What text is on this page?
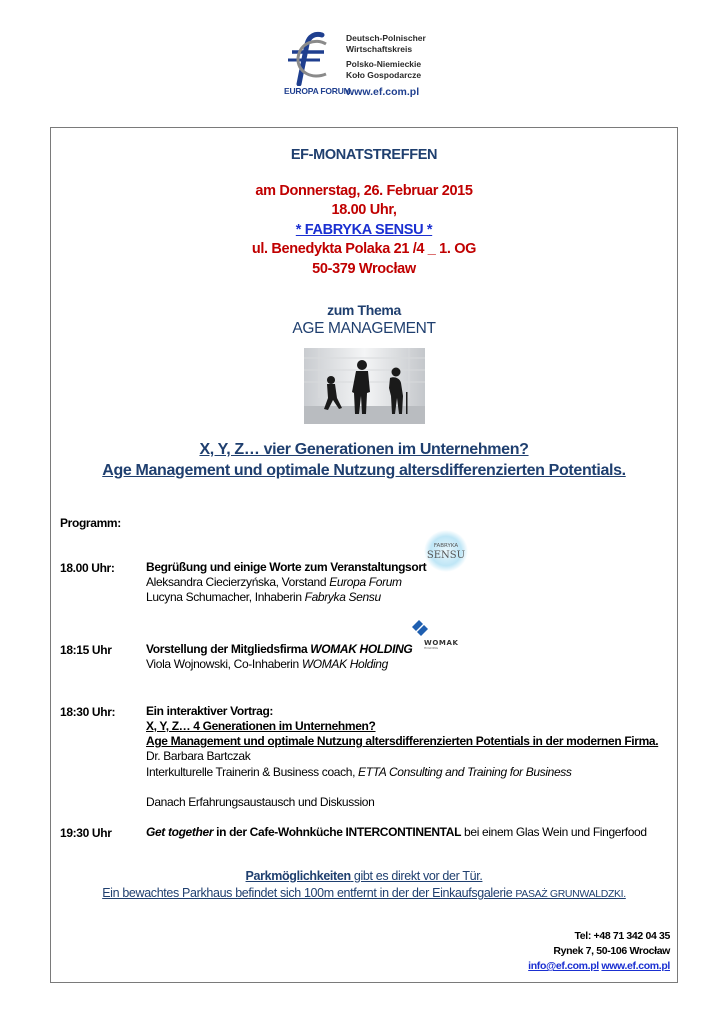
EUROPA FORUM
Deutsch-Polnischer
Wirtschaftskreis
Polsko-Niemieckie
Koło Gospodarcze
www.ef.com.pl
EF-MONATSTREFFEN
am Donnerstag, 26. Februar 2015
18.00 Uhr,
* FABRYKA SENSU *
ul. Benedykta Polaka 21 /4 _ 1. OG
50-379 Wrocław
zum Thema
AGE MANAGEMENT
X, Y, Z… vier Generationen im Unternehmen?
Age Management und optimale Nutzung altersdifferenzierten Potentials.
Programm:
18.00 Uhr:	Begrüßung und einige Worte zum Veranstaltungsort
Aleksandra Ciecierzyńska, Vorstand Europa Forum
Lucyna Schumacher, Inhaberin Fabryka Sensu
FABRYKA
SENSU
18:15 Uhr	Vorstellung der Mitgliedsfirma WOMAK HOLDING
Viola Wojnowski, Co-Inhaberin WOMAK Holding
WOMAK
HOLDING
18:30 Uhr:	Ein interaktiver Vortrag:
X, Y, Z… 4 Generationen im Unternehmen?
Age Management und optimale Nutzung altersdifferenzierten Potentials in der modernen Firma.
Dr. Barbara Bartczak
Interkulturelle Trainerin & Business coach, ETTA Consulting and Training for Business
Danach Erfahrungsaustausch und Diskussion
19:30 Uhr	Get together in der Cafe-Wohnküche INTERCONTINENTAL bei einem Glas Wein und Fingerfood
Parkmöglichkeiten gibt es direkt vor der Tür.
Ein bewachtes Parkhaus befindet sich 100m entfernt in der der Einkaufsgalerie PASAŻ GRUNWALDZKI.
Tel: +48 71 342 04 35
Rynek 7, 50-106 Wrocław
info@ef.com.pl www.ef.com.pl
